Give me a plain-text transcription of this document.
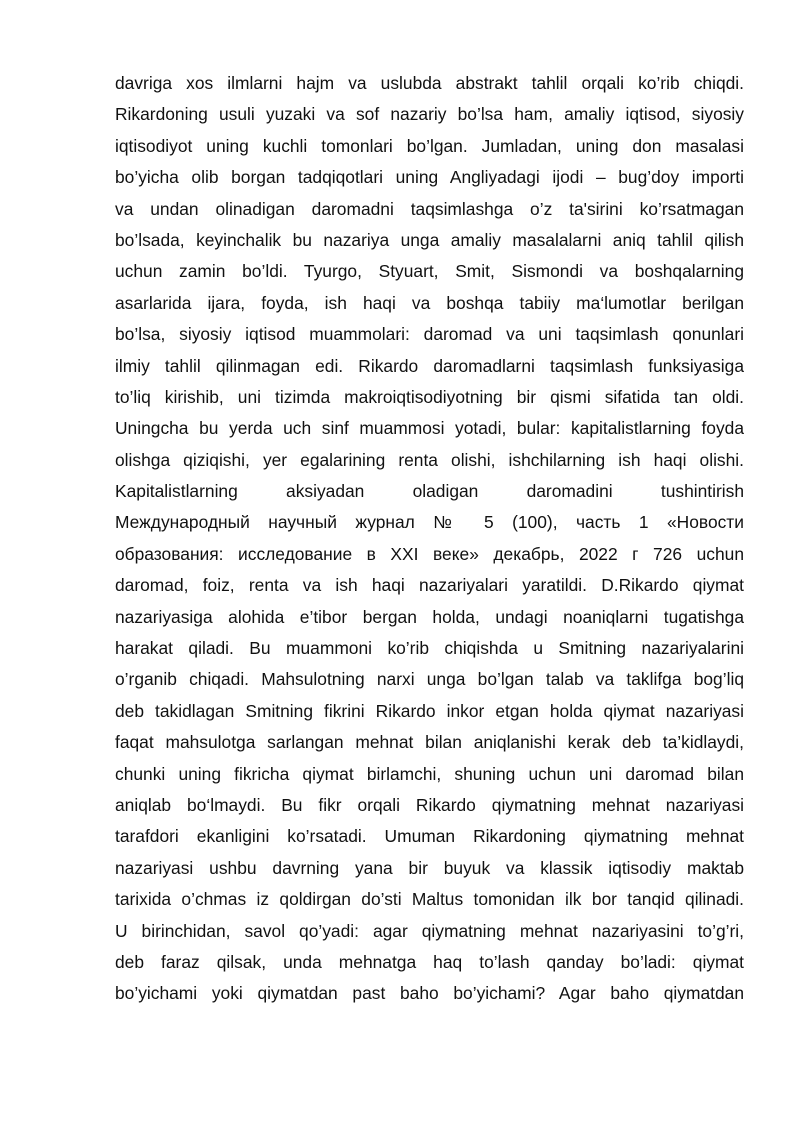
davriga xos ilmlarni hajm va uslubda abstrakt tahlil orqali ko’rib chiqdi.
Rikardoning usuli yuzaki va sof nazariy bo’lsa ham, amaliy iqtisod, siyosiy
iqtisodiyot uning kuchli tomonlari bo’lgan. Jumladan, uning don masalasi
bo’yicha olib borgan tadqiqotlari uning Angliyadagi ijodi – bug’doy importi
va undan olinadigan daromadni taqsimlashga o’z ta'sirini ko’rsatmagan
bo’lsada, keyinchalik bu nazariya unga amaliy masalalarni aniq tahlil qilish
uchun zamin bo’ldi. Tyurgo, Styuart, Smit, Sismondi va boshqalarning
asarlarida ijara, foyda, ish haqi va boshqa tabiiy ma‘lumotlar berilgan
bo’lsa, siyosiy iqtisod muammolari: daromad va uni taqsimlash qonunlari
ilmiy tahlil qilinmagan edi. Rikardo daromadlarni taqsimlash funksiyasiga
to’liq kirishib, uni tizimda makroiqtisodiyotning bir qismi sifatida tan oldi.
Uningcha bu yerda uch sinf muammosi yotadi, bular: kapitalistlarning foyda
olishga qiziqishi, yer egalarining renta olishi, ishchilarning ish haqi olishi.
Kapitalistlarning aksiyadan oladigan daromadini tushintirish
Международный научный журнал № 5 (100), часть 1 «Новости
образования: исследование в XXI веке» декабрь, 2022 г 726 uchun
daromad, foiz, renta va ish haqi nazariyalari yaratildi. D.Rikardo qiymat
nazariyasiga alohida e’tibor bergan holda, undagi noaniqlarni tugatishga
harakat qiladi. Bu muammoni ko’rib chiqishda u Smitning nazariyalarini
o’rganib chiqadi. Mahsulotning narxi unga bo’lgan talab va taklifga bog’liq
deb takidlagan Smitning fikrini Rikardo inkor etgan holda qiymat nazariyasi
faqat mahsulotga sarlangan mehnat bilan aniqlanishi kerak deb ta’kidlaydi,
chunki uning fikricha qiymat birlamchi, shuning uchun uni daromad bilan
aniqlab bo‘lmaydi. Bu fikr orqali Rikardo qiymatning mehnat nazariyasi
tarafdori ekanligini ko’rsatadi. Umuman Rikardoning qiymatning mehnat
nazariyasi ushbu davrning yana bir buyuk va klassik iqtisodiy maktab
tarixida o’chmas iz qoldirgan do’sti Maltus tomonidan ilk bor tanqid qilinadi.
U birinchidan, savol qo’yadi: agar qiymatning mehnat nazariyasini to’g’ri,
deb faraz qilsak, unda mehnatga haq to’lash qanday bo’ladi: qiymat
bo’yichami yoki qiymatdan past baho bo’yichami? Agar baho qiymatdan
